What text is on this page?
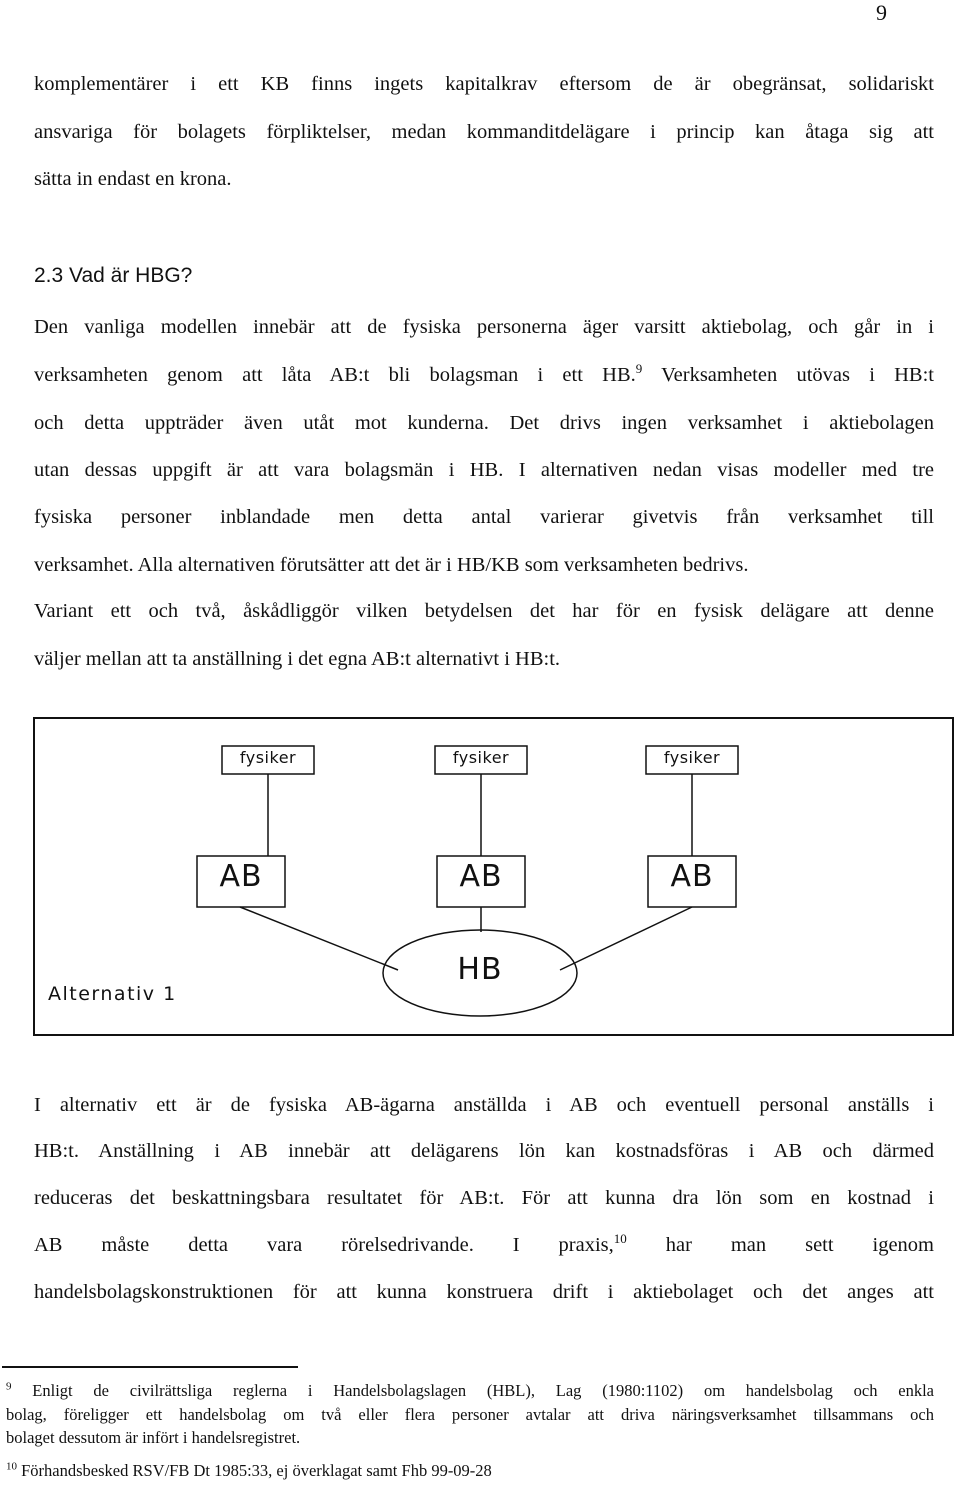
9
komplementärer i ett KB finns ingets kapitalkrav eftersom de är obegränsat, solidariskt
ansvariga för bolagets förpliktelser, medan kommanditdelägare i princip kan åtaga sig att
sätta in endast en krona.
2.3 Vad är HBG?
Den vanliga modellen innebär att de fysiska personerna äger varsitt aktiebolag, och går in i
verksamheten genom att låta AB:t bli bolagsman i ett HB.$^9$ Verksamheten utövas i HB:t
och detta uppträder även utåt mot kunderna. Det drivs ingen verksamhet i aktiebolagen
utan dessas uppgift är att vara bolagsmän i HB. I alternativen nedan visas modeller med tre
fysiska personer inblandade men detta antal varierar givetvis från verksamhet till
verksamhet. Alla alternativen förutsätter att det är i HB/KB som verksamheten bedrivs.
Variant ett och två, åskådliggör vilken betydelsen det har för en fysisk delägare att denne
väljer mellan att ta anställning i det egna AB:t alternativt i HB:t.
fysiker	fysiker	fysiker
AB	AB	AB
HB
Alternativ 1
I alternativ ett är de fysiska AB-ägarna anställda i AB och eventuell personal anställs i
HB:t. Anställning i AB innebär att delägarens lön kan kostnadsföras i AB och därmed
reduceras det beskattningsbara resultatet för AB:t. För att kunna dra lön som en kostnad i
AB måste detta vara rörelsedrivande. I praxis,$^{10}$ har man sett igenom
handelsbolagskonstruktionen för att kunna konstruera drift i aktiebolaget och det anges att
$^9$ Enligt de civilrättsliga reglerna i Handelsbolagslagen (HBL), Lag (1980:1102) om handelsbolag och enkla
bolag, föreligger ett handelsbolag om två eller flera personer avtalar att driva näringsverksamhet tillsammans och
bolaget dessutom är infört i handelsregistret.
$^{10}$ Förhandsbesked RSV/FB Dt 1985:33, ej överklagat samt Fhb 99-09-28
